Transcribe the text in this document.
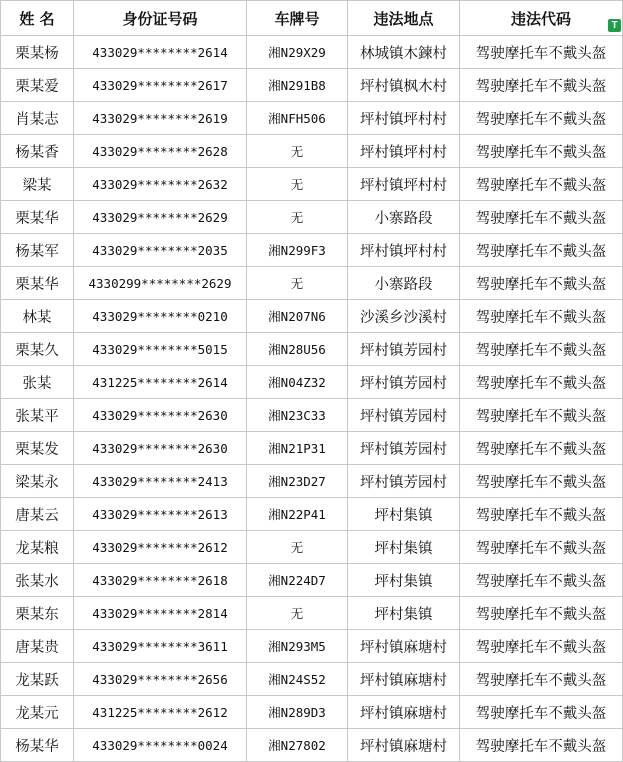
姓 名	身份证号码	车牌号	违法地点	违法代码 T

栗某杨	433029********2614	湘N29X29	林城镇木鍊村	驾驶摩托车不戴头盔
栗某爱	433029********2617	湘N291B8	坪村镇枫木村	驾驶摩托车不戴头盔
肖某志	433029********2619	湘NFH506	坪村镇坪村村	驾驶摩托车不戴头盔
杨某香	433029********2628	无	坪村镇坪村村	驾驶摩托车不戴头盔
梁某	433029********2632	无	坪村镇坪村村	驾驶摩托车不戴头盔
栗某华	433029********2629	无	小寨路段	驾驶摩托车不戴头盔
杨某军	433029********2035	湘N299F3	坪村镇坪村村	驾驶摩托车不戴头盔
栗某华	4330299********2629	无	小寨路段	驾驶摩托车不戴头盔
林某	433029********0210	湘N207N6	沙溪乡沙溪村	驾驶摩托车不戴头盔
栗某久	433029********5015	湘N28U56	坪村镇芳园村	驾驶摩托车不戴头盔
张某	431225********2614	湘N04Z32	坪村镇芳园村	驾驶摩托车不戴头盔
张某平	433029********2630	湘N23C33	坪村镇芳园村	驾驶摩托车不戴头盔
栗某发	433029********2630	湘N21P31	坪村镇芳园村	驾驶摩托车不戴头盔
梁某永	433029********2413	湘N23D27	坪村镇芳园村	驾驶摩托车不戴头盔
唐某云	433029********2613	湘N22P41	坪村集镇	驾驶摩托车不戴头盔
龙某粮	433029********2612	无	坪村集镇	驾驶摩托车不戴头盔
张某水	433029********2618	湘N224D7	坪村集镇	驾驶摩托车不戴头盔
栗某东	433029********2814	无	坪村集镇	驾驶摩托车不戴头盔
唐某贵	433029********3611	湘N293M5	坪村镇麻塘村	驾驶摩托车不戴头盔
龙某跃	433029********2656	湘N24S52	坪村镇麻塘村	驾驶摩托车不戴头盔
龙某元	431225********2612	湘N289D3	坪村镇麻塘村	驾驶摩托车不戴头盔
杨某华	433029********0024	湘N27802	坪村镇麻塘村	驾驶摩托车不戴头盔
